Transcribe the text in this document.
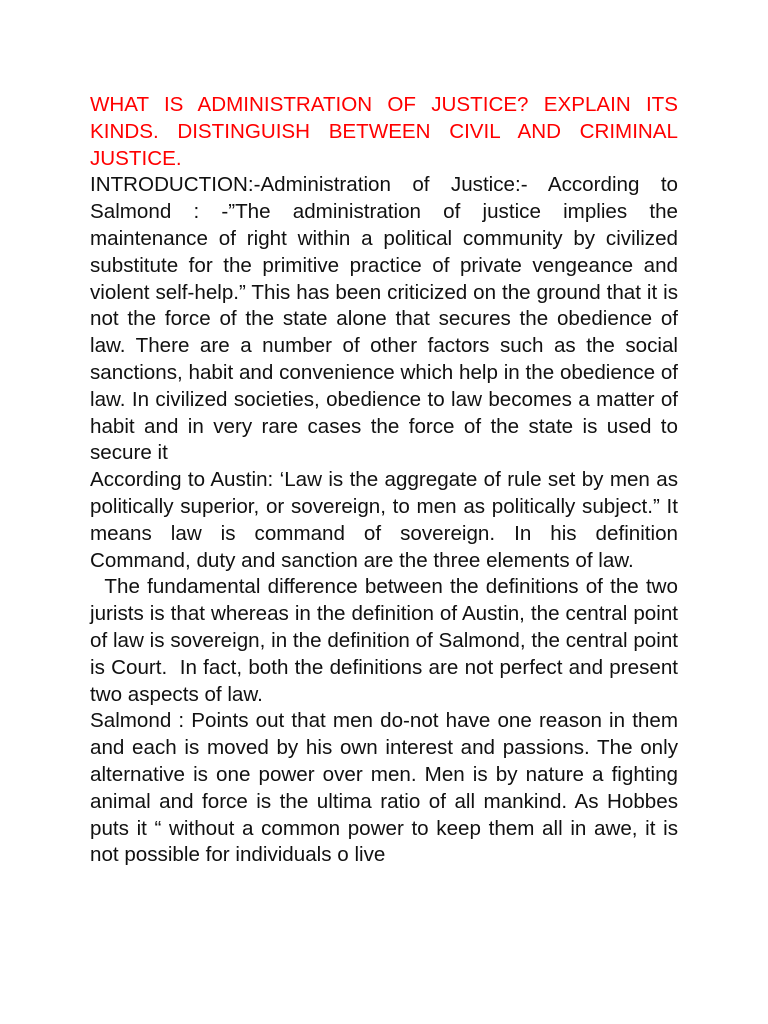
WHAT IS ADMINISTRATION OF JUSTICE? EXPLAIN ITS KINDS. DISTINGUISH BETWEEN CIVIL AND CRIMINAL JUSTICE.

INTRODUCTION:-Administration of Justice:- According to Salmond : -”The administration of justice implies the maintenance of right within a political community by civilized substitute for the primitive practice of private vengeance and violent self-help.” This has been criticized on the ground that it is not the force of the state alone that secures the obedience of law. There are a number of other factors such as the social sanctions, habit and convenience which help in the obedience of law. In civilized societies, obedience to law becomes a matter of habit and in very rare cases the force of the state is used to secure it

According to Austin: ‘Law is the aggregate of rule set by men as politically superior, or sovereign, to men as politically subject.” It means law is command of sovereign. In his definition Command, duty and sanction are the three elements of law.

The fundamental difference between the definitions of the two jurists is that whereas in the definition of Austin, the central point of law is sovereign, in the definition of Salmond, the central point is Court.  In fact, both the definitions are not perfect and present two aspects of law.

Salmond : Points out that men do-not have one reason in them and each is moved by his own interest and passions. The only alternative is one power over men. Men is by nature a fighting animal and force is the ultima ratio of all mankind. As Hobbes puts it “ without a common power to keep them all in awe, it is not possible for individuals o live
